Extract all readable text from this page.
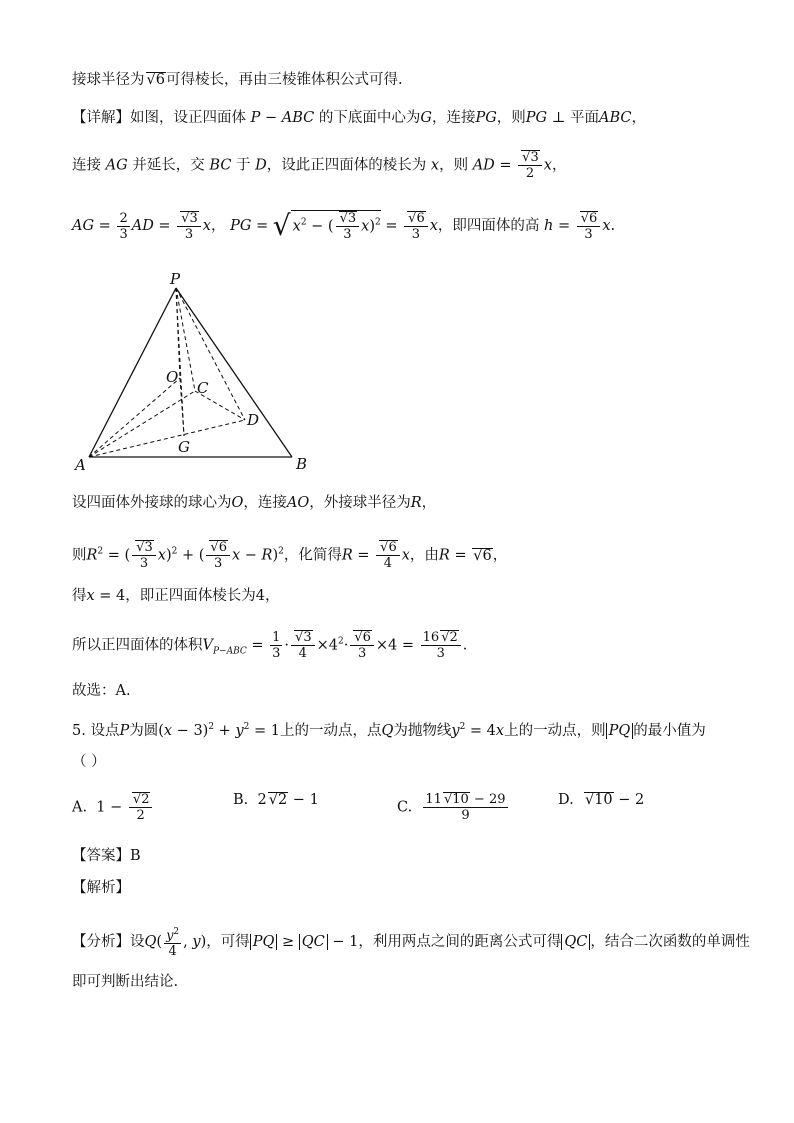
接球半径为 √ 6可得棱长，再由三棱锥体积公式可得.
【详解】如图，设正四面体 P − ABC 的下底面中心为G，连接PG，则PG ⊥ 平面ABC，
连接 AG 并延长，交 BC 于 D，设此正四面体的棱长为 x，则 AD = √ $\frac{3}{2}$ x，
AG = $\frac{2}{3}$ AD = √ $\frac{3}{3}$ x， PG = √ $x^2$ − ( √ $\frac{3}{3} x)^2$ = √ $\frac{6}{3}$ x，即四面体的高 h = √ $\frac{6}{3} x$.
P
O
C
D
G
A	B
设四面体外接球的球心为O，连接AO，外接球半径为R，
则$R^2$ = ( √ $\frac{3}{3} x)^2$ + ( √ $\frac{6}{3}$ x − R)$^2$，化简得R = √ $\frac{6}{4}$ x，由R = √ 6，
得x = 4，即正四面体棱长为4，
所以正四面体的体积$V_{P-ABC} = \frac{1}{3}$ · √ $\frac{3}{4} \times 4^2\cdot$ √ $\frac{6}{3} \times 4 = \frac{16 √ 2}{3}$ .
故选：A.
5. 设点P为圆$(x - 3)^2 + y^2 = 1$上的一动点，点Q为抛物线$y^2 = 4x$上的一动点，则 PQ 的最小值为
（ ）
A.  1 − √ $\frac{2}{2}$	B.  2 √ 2 − 1	C. $\frac{11 √ 10 - 29}{9}$	D. √ 10 − 2
【答案】B
【解析】
【分析】设$Q( \frac{y^2}{4}$ , y)，可得 PQ ≥ QC − 1，利用两点之间的距离公式可得 QC ，结合二次函数的单调性
即可判断出结论.
